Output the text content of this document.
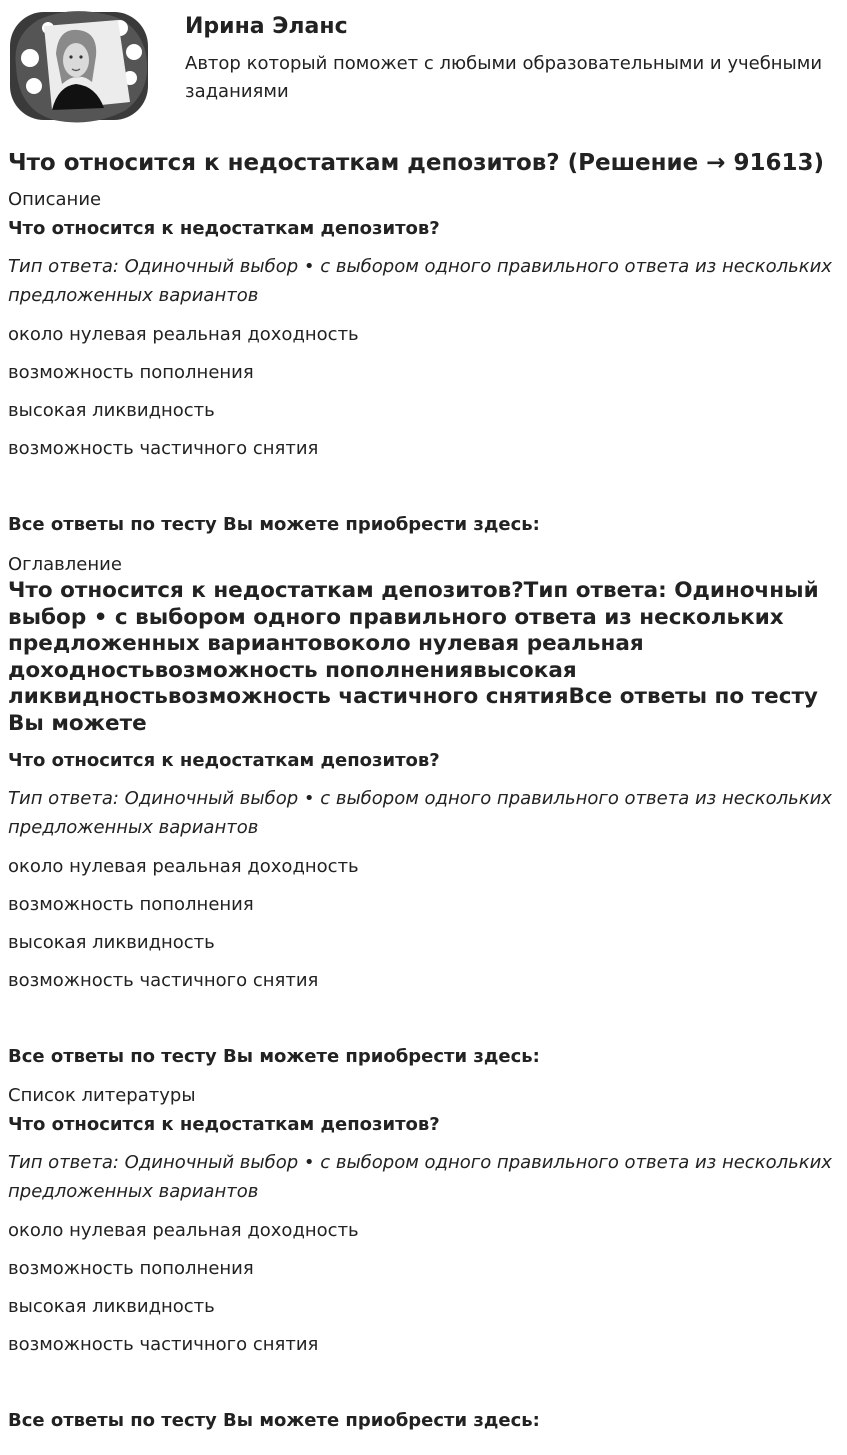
Ирина Эланс
Автор который поможет с любыми образовательными и учебными заданиями
Что относится к недостаткам депозитов? (Решение → 91613)
Описание
Что относится к недостаткам депозитов?
Тип ответа: Одиночный выбор • с выбором одного правильного ответа из нескольких предложенных вариантов
около нулевая реальная доходность
возможность пополнения
высокая ликвидность
возможность частичного снятия
Все ответы по тесту Вы можете приобрести здесь:
Оглавление
Что относится к недостаткам депозитов?Тип ответа: Одиночный выбор • с выбором одного правильного ответа из нескольких предложенных вариантовоколо нулевая реальная доходностьвозможность пополнениявысокая ликвидностьвозможность частичного снятияВсе ответы по тесту Вы можете
Что относится к недостаткам депозитов?
Тип ответа: Одиночный выбор • с выбором одного правильного ответа из нескольких предложенных вариантов
около нулевая реальная доходность
возможность пополнения
высокая ликвидность
возможность частичного снятия
Все ответы по тесту Вы можете приобрести здесь:
Список литературы
Что относится к недостаткам депозитов?
Тип ответа: Одиночный выбор • с выбором одного правильного ответа из нескольких предложенных вариантов
около нулевая реальная доходность
возможность пополнения
высокая ликвидность
возможность частичного снятия
Все ответы по тесту Вы можете приобрести здесь:
